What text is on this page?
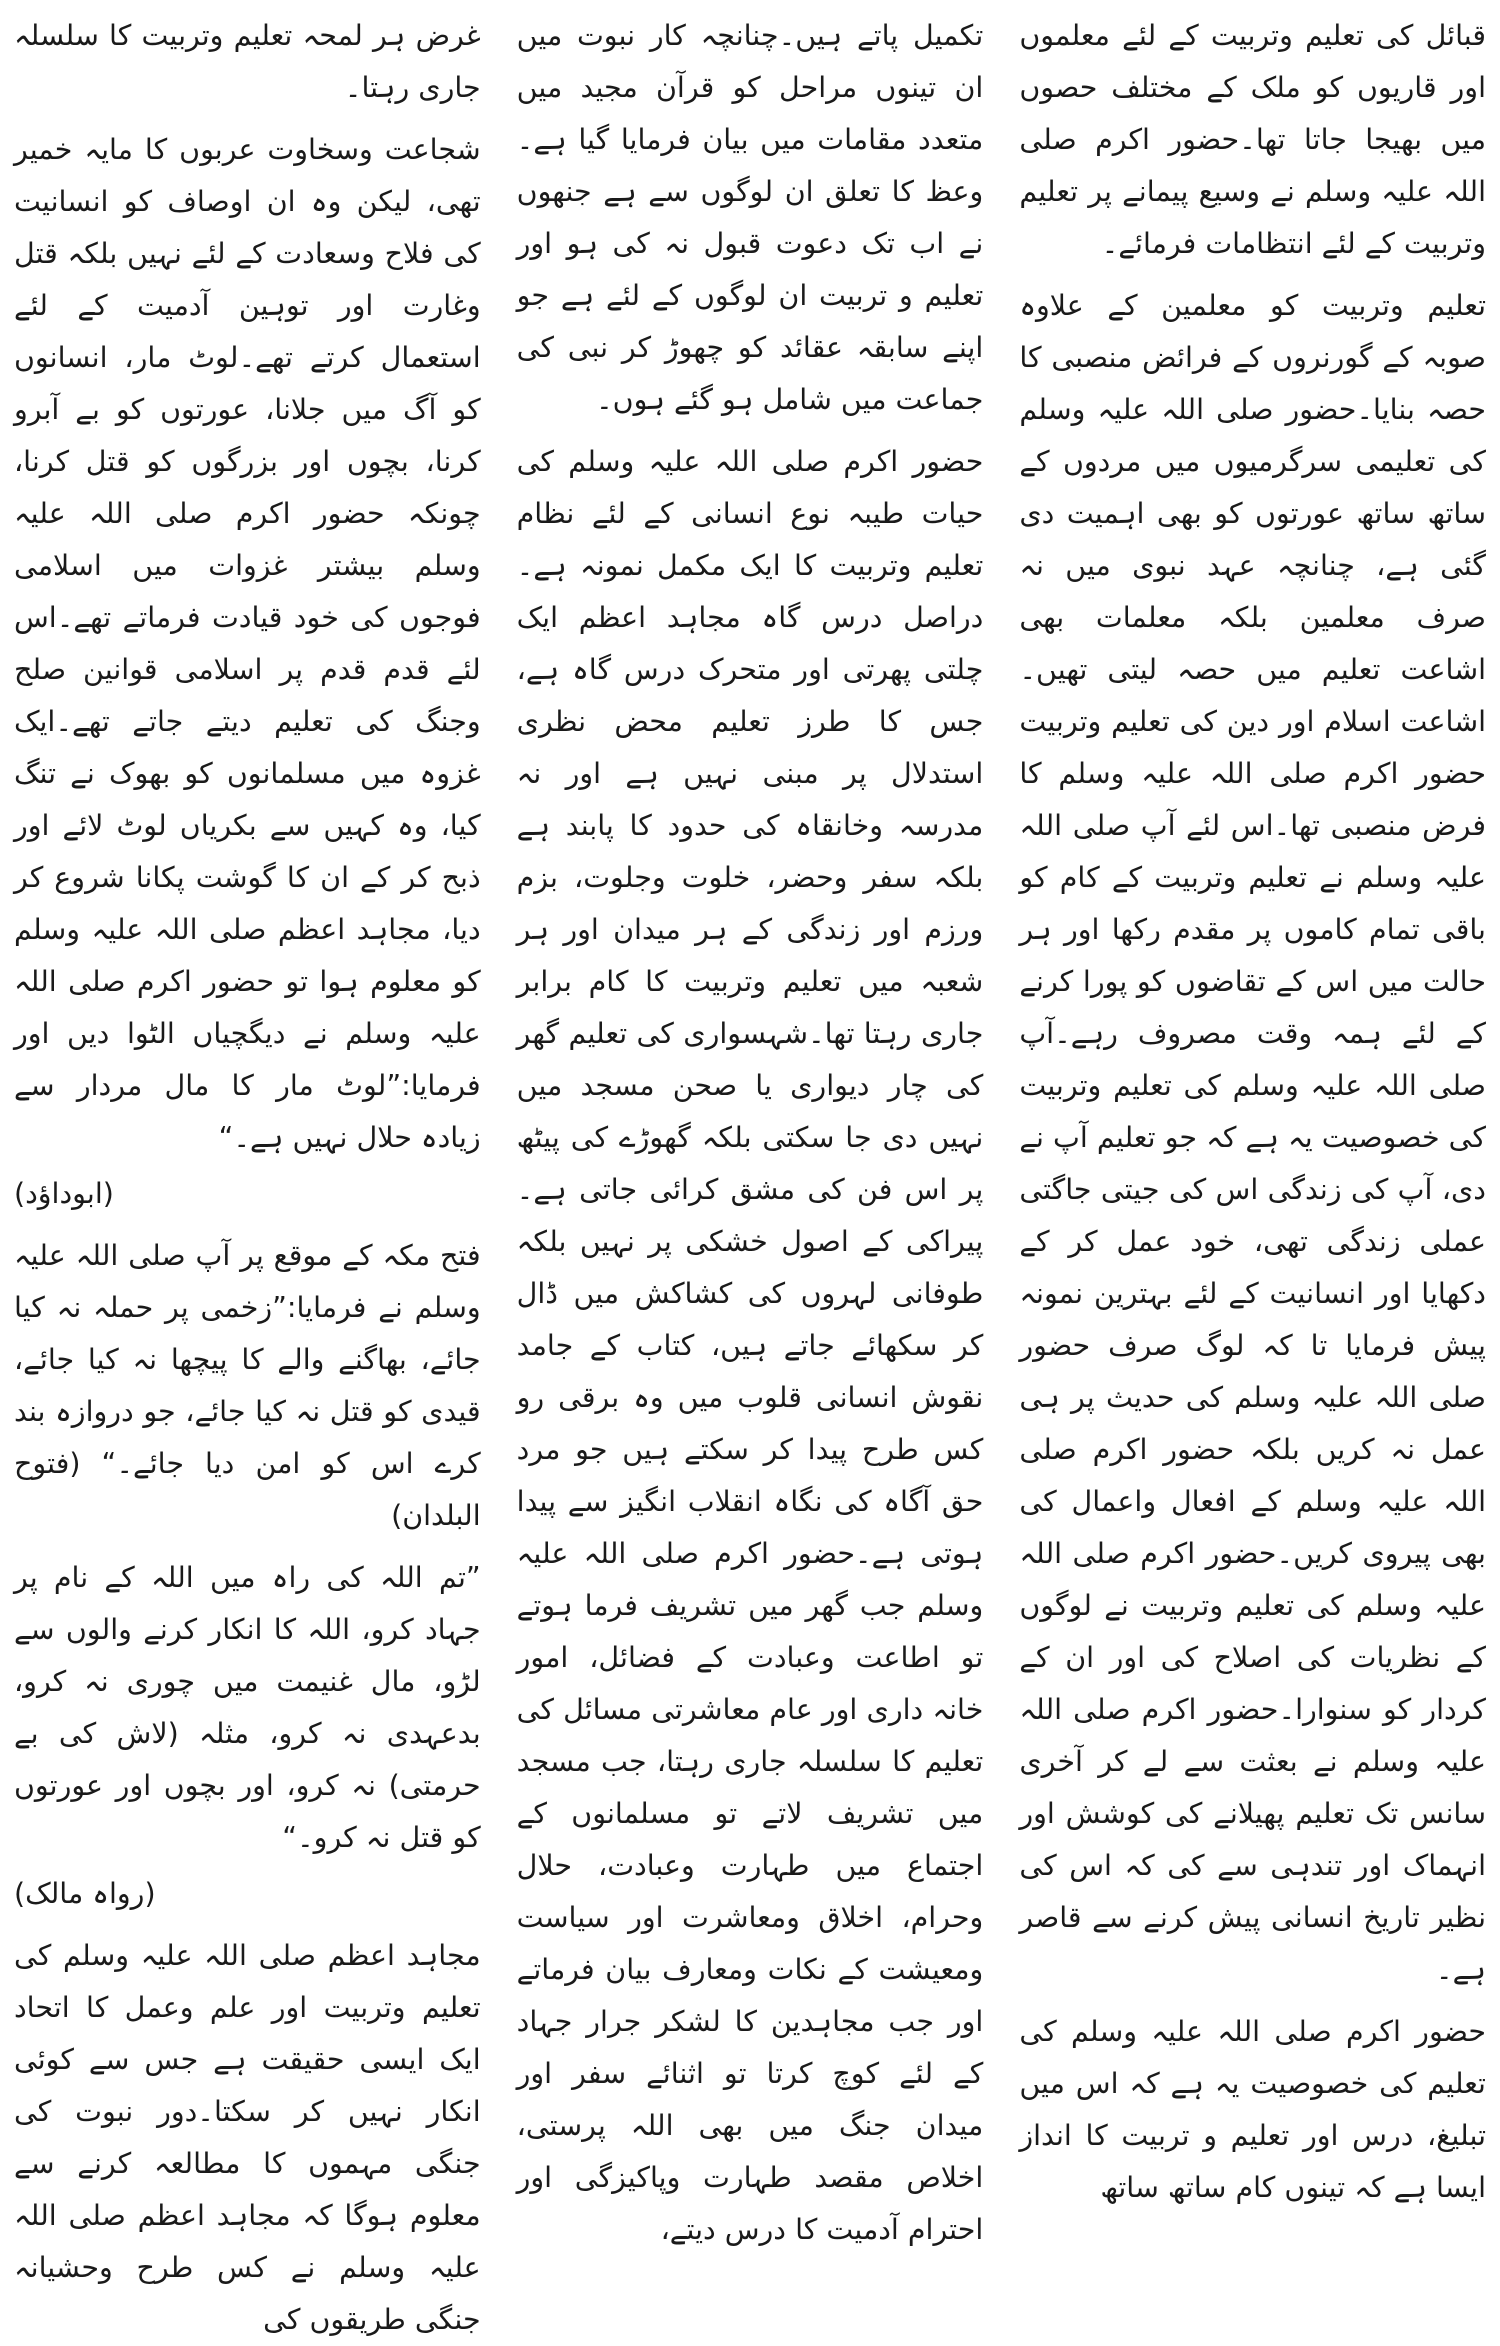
قبائل کی تعلیم وتربیت کے لئے معلموں اور قاریوں کو ملک کے مختلف حصوں میں بھیجا جاتا تھا۔حضور اکرم صلی اللہ علیہ وسلم نے وسیع پیمانے پر تعلیم وتربیت کے لئے انتظامات فرمائے۔

تعلیم وتربیت کو معلمین کے علاوہ صوبہ کے گورنروں کے فرائض منصبی کا حصہ بنایا۔حضور صلی اللہ علیہ وسلم کی تعلیمی سرگرمیوں میں مردوں کے ساتھ ساتھ عورتوں کو بھی اہمیت دی گئی ہے، چنانچہ عہد نبوی میں نہ صرف معلمین بلکہ معلمات بھی اشاعت تعلیم میں حصہ لیتی تھیں۔اشاعت اسلام اور دین کی تعلیم وتربیت حضور اکرم صلی اللہ علیہ وسلم کا فرض منصبی تھا۔اس لئے آپ صلی اللہ علیہ وسلم نے تعلیم وتربیت کے کام کو باقی تمام کاموں پر مقدم رکھا اور ہر حالت میں اس کے تقاضوں کو پورا کرنے کے لئے ہمہ وقت مصروف رہے۔آپ صلی اللہ علیہ وسلم کی تعلیم وتربیت کی خصوصیت یہ ہے کہ جو تعلیم آپ نے دی، آپ کی زندگی اس کی جیتی جاگتی عملی زندگی تھی، خود عمل کر کے دکھایا اور انسانیت کے لئے بہترین نمونہ پیش فرمایا تا کہ لوگ صرف حضور صلی اللہ علیہ وسلم کی حدیث پر ہی عمل نہ کریں بلکہ حضور اکرم صلی اللہ علیہ وسلم کے افعال واعمال کی بھی پیروی کریں۔حضور اکرم صلی اللہ علیہ وسلم کی تعلیم وتربیت نے لوگوں کے نظریات کی اصلاح کی اور ان کے کردار کو سنوارا۔حضور اکرم صلی اللہ علیہ وسلم نے بعثت سے لے کر آخری سانس تک تعلیم پھیلانے کی کوشش اور انہماک اور تندہی سے کی کہ اس کی نظیر تاریخ انسانی پیش کرنے سے قاصر ہے۔

حضور اکرم صلی اللہ علیہ وسلم کی تعلیم کی خصوصیت یہ ہے کہ اس میں تبلیغ، درس اور تعلیم و تربیت کا انداز ایسا ہے کہ تینوں کام ساتھ ساتھ

تکمیل پاتے ہیں۔چنانچہ کار نبوت میں ان تینوں مراحل کو قرآن مجید میں متعدد مقامات میں بیان فرمایا گیا ہے۔وعظ کا تعلق ان لوگوں سے ہے جنھوں نے اب تک دعوت قبول نہ کی ہو اور تعلیم و تربیت ان لوگوں کے لئے ہے جو اپنے سابقہ عقائد کو چھوڑ کر نبی کی جماعت میں شامل ہو گئے ہوں۔

حضور اکرم صلی اللہ علیہ وسلم کی حیات طیبہ نوع انسانی کے لئے نظام تعلیم وتربیت کا ایک مکمل نمونہ ہے۔دراصل درس گاہ مجاہد اعظم ایک چلتی پھرتی اور متحرک درس گاہ ہے، جس کا طرز تعلیم محض نظری استدلال پر مبنی نہیں ہے اور نہ مدرسہ وخانقاہ کی حدود کا پابند ہے بلکہ سفر وحضر، خلوت وجلوت، بزم ورزم اور زندگی کے ہر میدان اور ہر شعبہ میں تعلیم وتربیت کا کام برابر جاری رہتا تھا۔شہسواری کی تعلیم گھر کی چار دیواری یا صحن مسجد میں نہیں دی جا سکتی بلکہ گھوڑے کی پیٹھ پر اس فن کی مشق کرائی جاتی ہے۔پیراکی کے اصول خشکی پر نہیں بلکہ طوفانی لہروں کی کشاکش میں ڈال کر سکھائے جاتے ہیں، کتاب کے جامد نقوش انسانی قلوب میں وہ برقی رو کس طرح پیدا کر سکتے ہیں جو مرد حق آگاہ کی نگاہ انقلاب انگیز سے پیدا ہوتی ہے۔حضور اکرم صلی اللہ علیہ وسلم جب گھر میں تشریف فرما ہوتے تو اطاعت وعبادت کے فضائل، امور خانہ داری اور عام معاشرتی مسائل کی تعلیم کا سلسلہ جاری رہتا، جب مسجد میں تشریف لاتے تو مسلمانوں کے اجتماع میں طہارت وعبادت، حلال وحرام، اخلاق ومعاشرت اور سیاست ومعیشت کے نکات ومعارف بیان فرماتے اور جب مجاہدین کا لشکر جرار جہاد کے لئے کوچ کرتا تو اثنائے سفر اور میدان جنگ میں بھی اللہ پرستی، اخلاص مقصد طہارت وپاکیزگی اور احترام آدمیت کا درس دیتے،

غرض ہر لمحہ تعلیم وتربیت کا سلسلہ جاری رہتا۔

شجاعت وسخاوت عربوں کا مایہ خمیر تھی، لیکن وہ ان اوصاف کو انسانیت کی فلاح وسعادت کے لئے نہیں بلکہ قتل وغارت اور توہین آدمیت کے لئے استعمال کرتے تھے۔لوٹ مار، انسانوں کو آگ میں جلانا، عورتوں کو بے آبرو کرنا، بچوں اور بزرگوں کو قتل کرنا، چونکہ حضور اکرم صلی اللہ علیہ وسلم بیشتر غزوات میں اسلامی فوجوں کی خود قیادت فرماتے تھے۔اس لئے قدم قدم پر اسلامی قوانین صلح وجنگ کی تعلیم دیتے جاتے تھے۔ایک غزوہ میں مسلمانوں کو بھوک نے تنگ کیا، وہ کہیں سے بکریاں لوٹ لائے اور ذبح کر کے ان کا گوشت پکانا شروع کر دیا، مجاہد اعظم صلی اللہ علیہ وسلم کو معلوم ہوا تو حضور اکرم صلی اللہ علیہ وسلم نے دیگچیاں الٹوا دیں اور فرمایا:”لوٹ مار کا مال مردار سے زیادہ حلال نہیں ہے۔“

(ابوداؤد)

فتح مکہ کے موقع پر آپ صلی اللہ علیہ وسلم نے فرمایا:”زخمی پر حملہ نہ کیا جائے، بھاگنے والے کا پیچھا نہ کیا جائے، قیدی کو قتل نہ کیا جائے، جو دروازہ بند کرے اس کو امن دیا جائے۔“ (فتوح البلدان)

”تم اللہ کی راہ میں اللہ کے نام پر جہاد کرو، اللہ کا انکار کرنے والوں سے لڑو، مال غنیمت میں چوری نہ کرو، بدعہدی نہ کرو، مثلہ (لاش کی بے حرمتی) نہ کرو، اور بچوں اور عورتوں کو قتل نہ کرو۔“

(رواہ مالک)

مجاہد اعظم صلی اللہ علیہ وسلم کی تعلیم وتربیت اور علم وعمل کا اتحاد ایک ایسی حقیقت ہے جس سے کوئی انکار نہیں کر سکتا۔دور نبوت کی جنگی مہموں کا مطالعہ کرنے سے معلوم ہوگا کہ مجاہد اعظم صلی اللہ علیہ وسلم نے کس طرح وحشیانہ جنگی طریقوں کی
